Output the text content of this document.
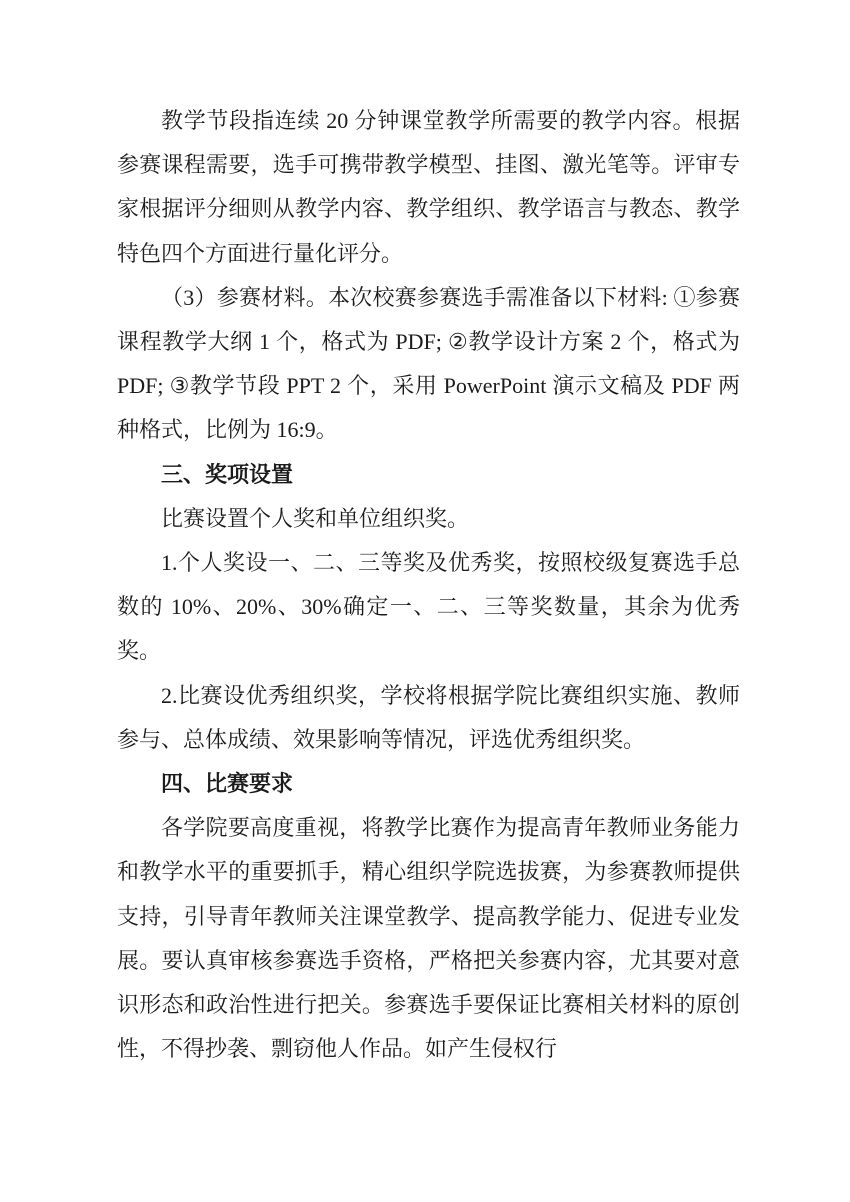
教学节段指连续 20 分钟课堂教学所需要的教学内容。根据参赛课程需要，选手可携带教学模型、挂图、激光笔等。评审专家根据评分细则从教学内容、教学组织、教学语言与教态、教学特色四个方面进行量化评分。

（3）参赛材料。本次校赛参赛选手需准备以下材料: ①参赛课程教学大纲 1 个，格式为 PDF; ②教学设计方案 2 个，格式为 PDF; ③教学节段 PPT 2 个，采用 PowerPoint 演示文稿及 PDF 两种格式，比例为 16:9。

三、奖项设置

比赛设置个人奖和单位组织奖。

1.个人奖设一、二、三等奖及优秀奖，按照校级复赛选手总数的 10%、20%、30%确定一、二、三等奖数量，其余为优秀奖。

2.比赛设优秀组织奖，学校将根据学院比赛组织实施、教师参与、总体成绩、效果影响等情况，评选优秀组织奖。

四、比赛要求

各学院要高度重视，将教学比赛作为提高青年教师业务能力和教学水平的重要抓手，精心组织学院选拔赛，为参赛教师提供支持，引导青年教师关注课堂教学、提高教学能力、促进专业发展。要认真审核参赛选手资格，严格把关参赛内容，尤其要对意识形态和政治性进行把关。参赛选手要保证比赛相关材料的原创性，不得抄袭、剽窃他人作品。如产生侵权行
